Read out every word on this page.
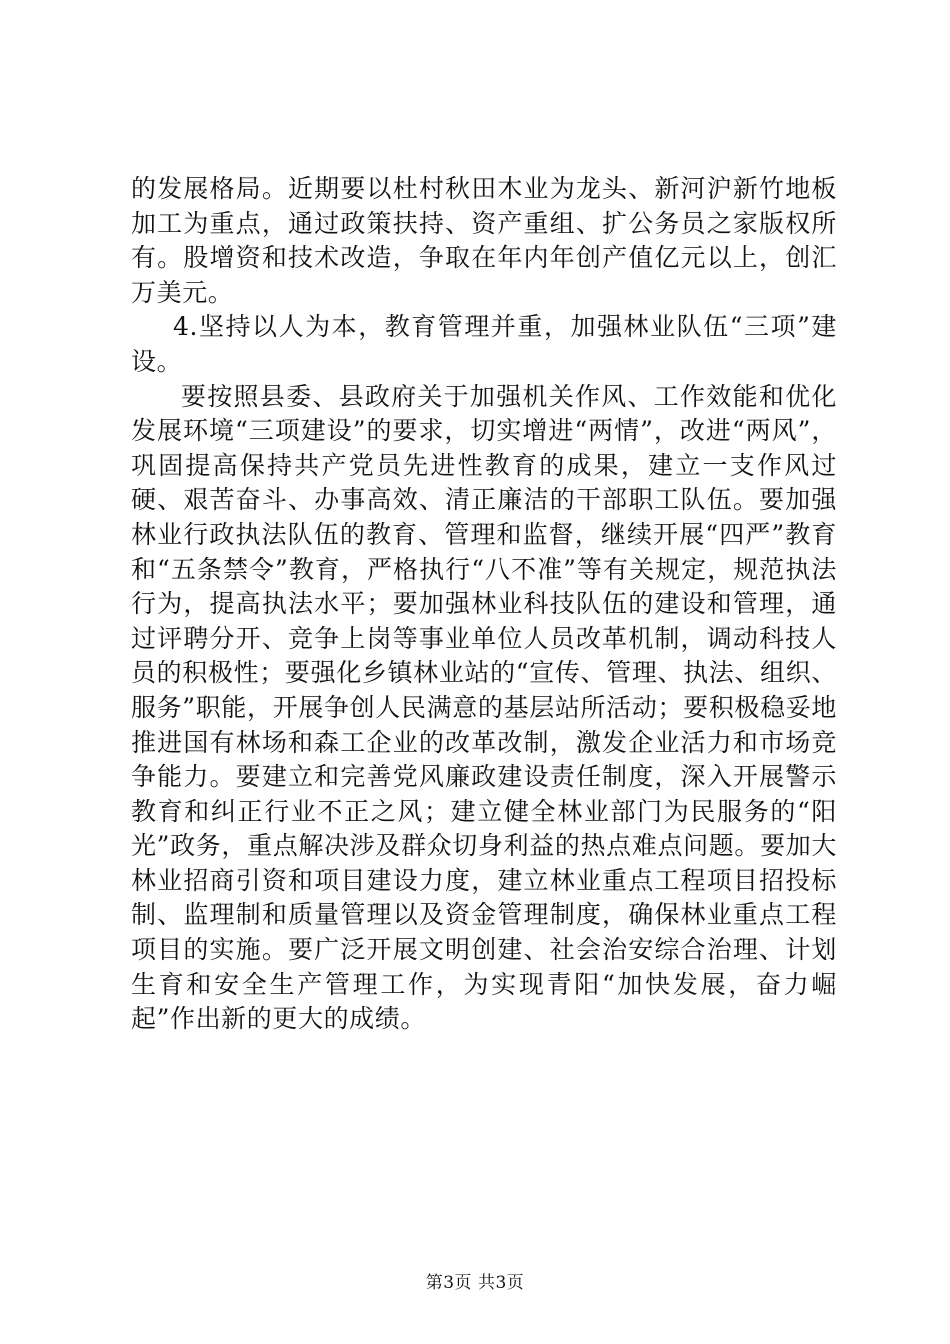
的发展格局。近期要以杜村秋田木业为龙头、新河沪新竹地板加工为重点，通过政策扶持、资产重组、扩公务员之家版权所有。股增资和技术改造，争取在年内年创产值亿元以上，创汇万美元。

4.坚持以人为本，教育管理并重，加强林业队伍“三项”建设。

要按照县委、县政府关于加强机关作风、工作效能和优化发展环境“三项建设”的要求，切实增进“两情”，改进“两风”，巩固提高保持共产党员先进性教育的成果，建立一支作风过硬、艰苦奋斗、办事高效、清正廉洁的干部职工队伍。要加强林业行政执法队伍的教育、管理和监督，继续开展“四严”教育和“五条禁令”教育，严格执行“八不准”等有关规定，规范执法行为，提高执法水平；要加强林业科技队伍的建设和管理，通过评聘分开、竞争上岗等事业单位人员改革机制，调动科技人员的积极性；要强化乡镇林业站的“宣传、管理、执法、组织、服务”职能，开展争创人民满意的基层站所活动；要积极稳妥地推进国有林场和森工企业的改革改制，激发企业活力和市场竞争能力。要建立和完善党风廉政建设责任制度，深入开展警示教育和纠正行业不正之风；建立健全林业部门为民服务的“阳光”政务，重点解决涉及群众切身利益的热点难点问题。要加大林业招商引资和项目建设力度，建立林业重点工程项目招投标制、监理制和质量管理以及资金管理制度，确保林业重点工程项目的实施。要广泛开展文明创建、社会治安综合治理、计划生育和安全生产管理工作，为实现青阳“加快发展，奋力崛起”作出新的更大的成绩。

第3页 共3页
